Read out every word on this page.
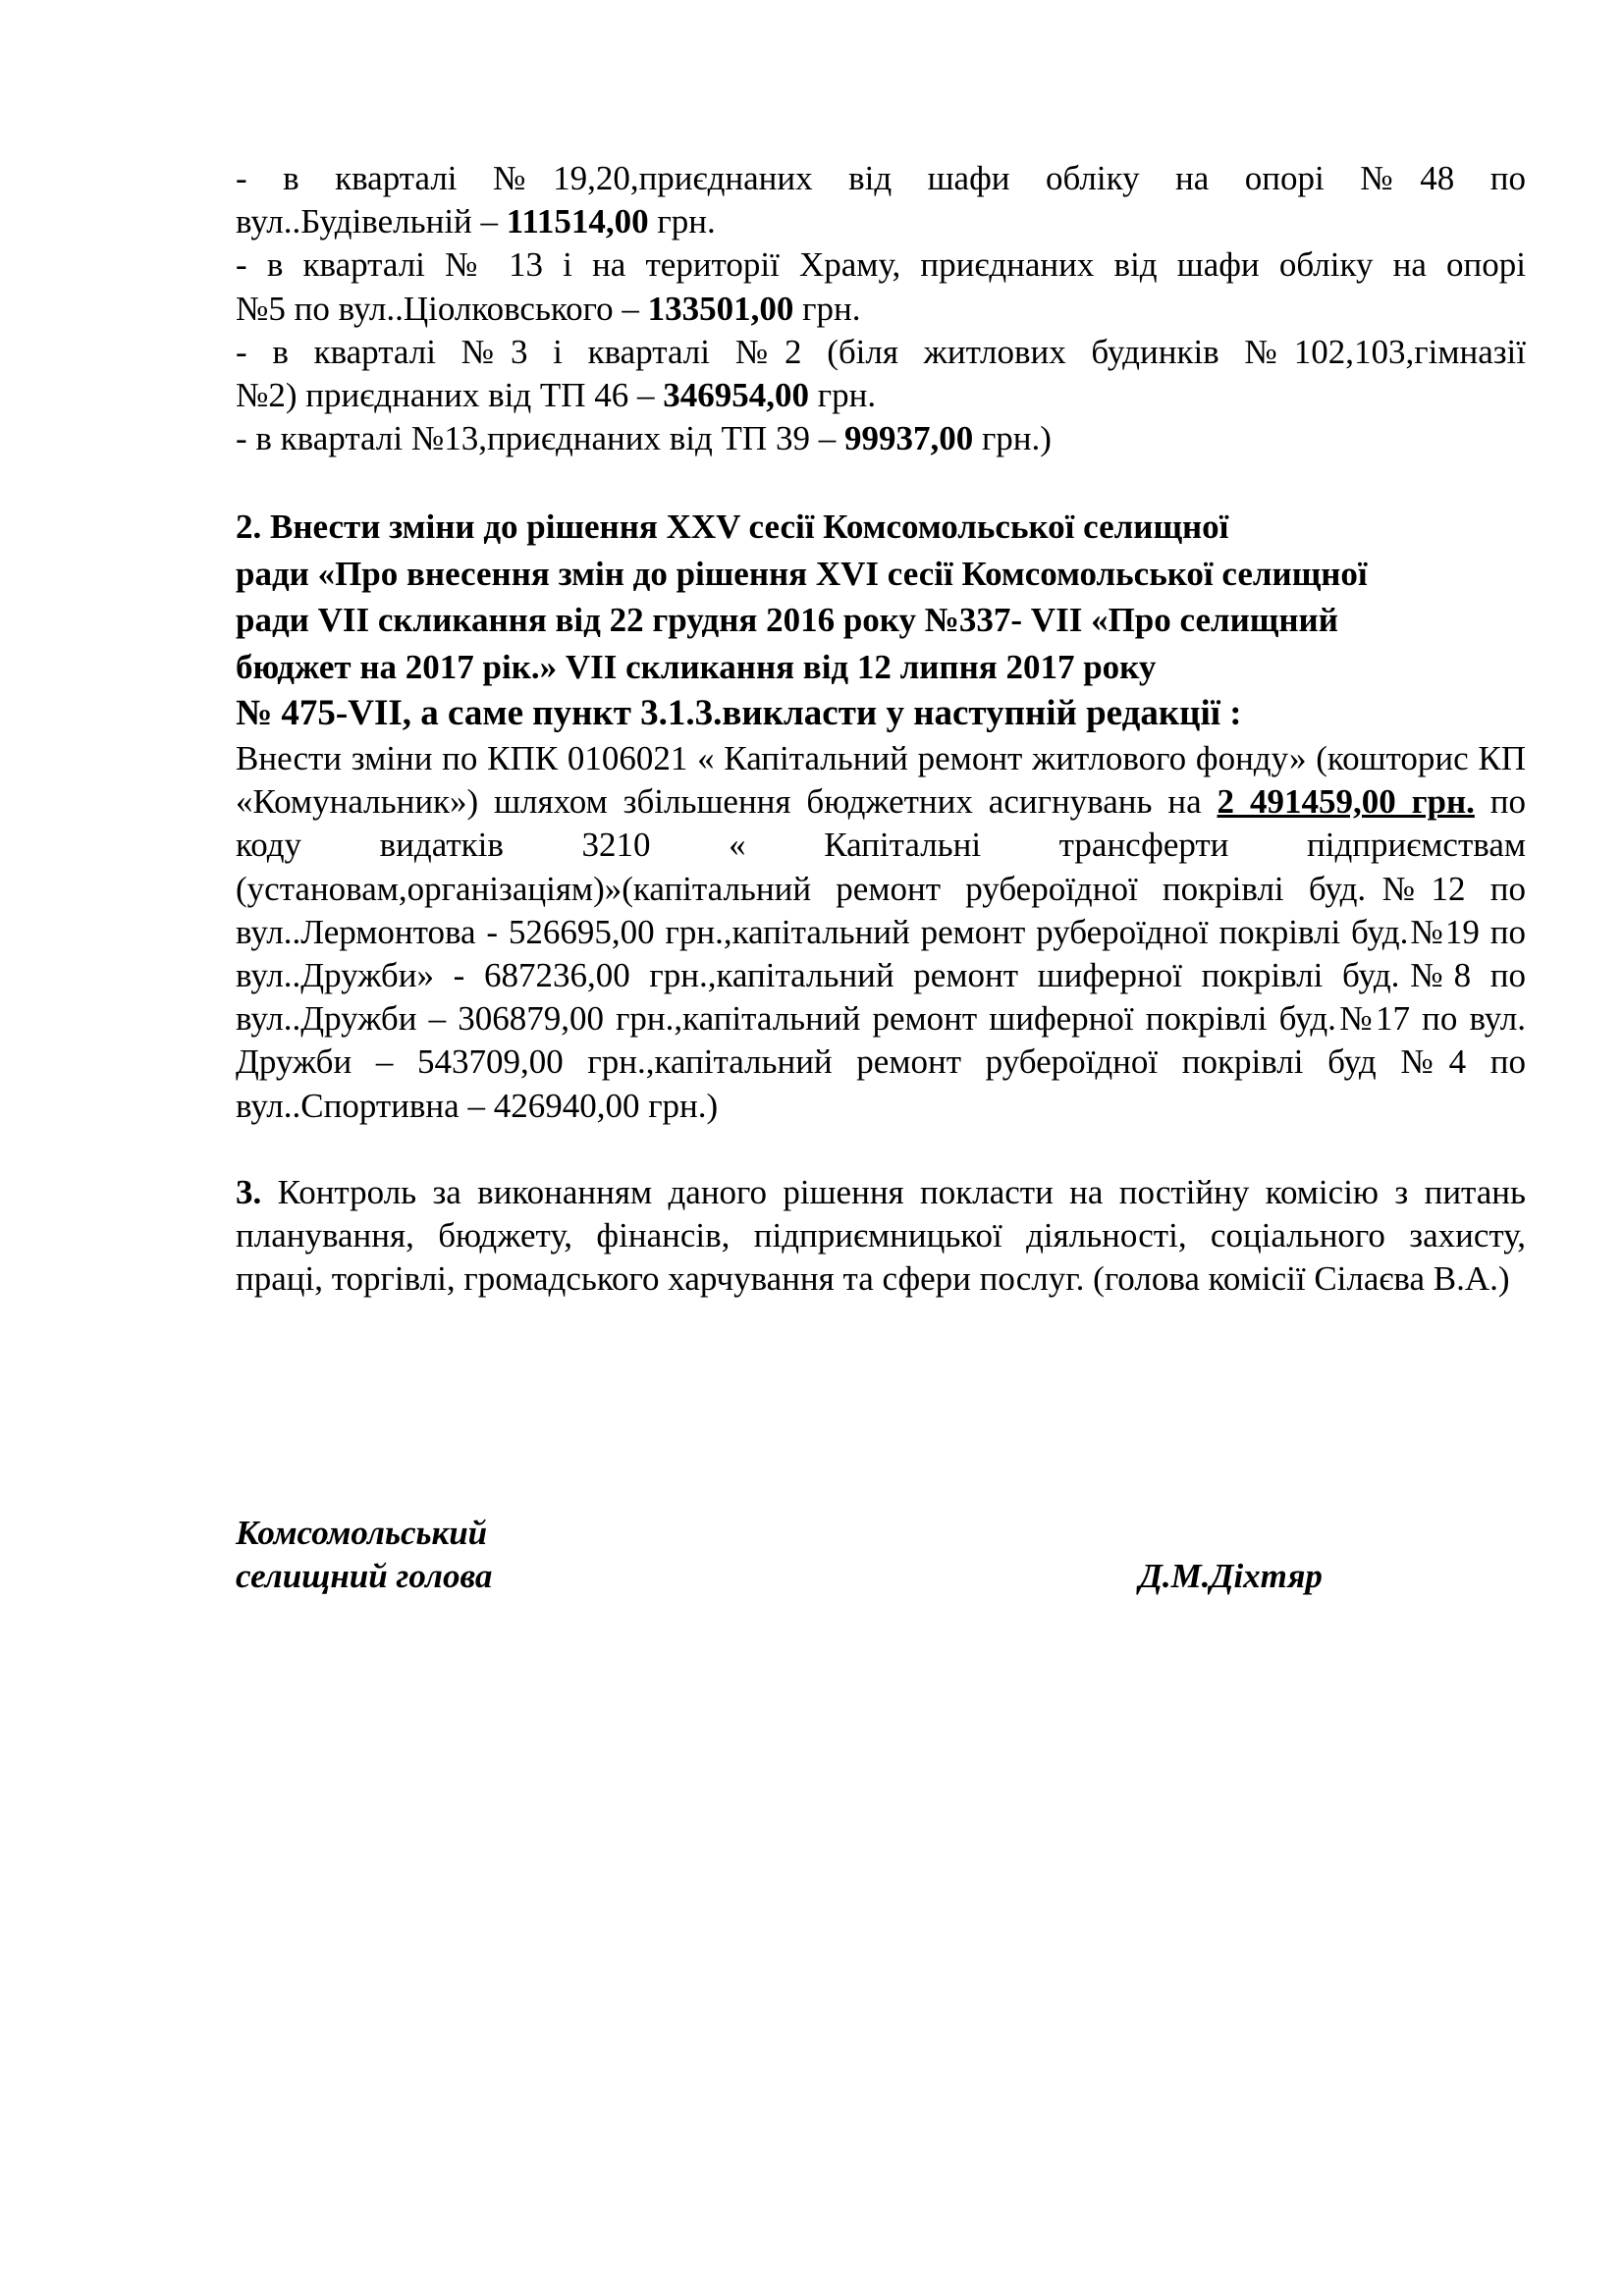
- в кварталі №19,20,приєднаних від шафи обліку на опорі №48 по
вул..Будівельній – 111514,00 грн.
- в кварталі № 13 і на території Храму, приєднаних від шафи обліку на опорі
№5 по вул..Ціолковського – 133501,00 грн.
- в кварталі №3 і кварталі №2 (біля житлових будинків №102,103,гімназії
№2) приєднаних від ТП 46 – 346954,00 грн.
- в кварталі №13,приєднаних від ТП 39 – 99937,00 грн.)
2. Внести зміни до рішення XXV сесії Комсомольської селищної
ради «Про внесення змін до рішення XVI сесії Комсомольської селищної
ради VII скликання від 22 грудня 2016 року №337- VII «Про селищний
бюджет на 2017 рік.» VII скликання від 12 липня 2017 року
№ 475-VII, а саме пункт 3.1.3.викласти у наступній редакції :

Внести зміни по КПК 0106021 « Капітальний ремонт житлового фонду» (кошторис КП «Комунальник») шляхом збільшення бюджетних асигнувань на 2 491459,00 грн. по коду видатків 3210 « Капітальні трансферти підприємствам (установам,організаціям)»(капітальний ремонт рубероїдної покрівлі буд.№12 по вул..Лермонтова - 526695,00 грн.,капітальний ремонт рубероїдної покрівлі буд.№19 по вул..Дружби» - 687236,00 грн.,капітальний ремонт шиферної покрівлі буд.№8 по вул..Дружби – 306879,00 грн.,капітальний ремонт шиферної покрівлі буд.№17 по вул. Дружби – 543709,00 грн.,капітальний ремонт рубероїдної покрівлі буд №4 по вул..Спортивна – 426940,00 грн.)

3. Контроль за виконанням даного рішення покласти на постійну комісію з питань планування, бюджету, фінансів, підприємницької діяльності, соціального захисту, праці, торгівлі, громадського харчування та сфери послуг. (голова комісії Сілаєва В.А.)

Комсомольський
селищний голова	Д.М.Діхтяр
